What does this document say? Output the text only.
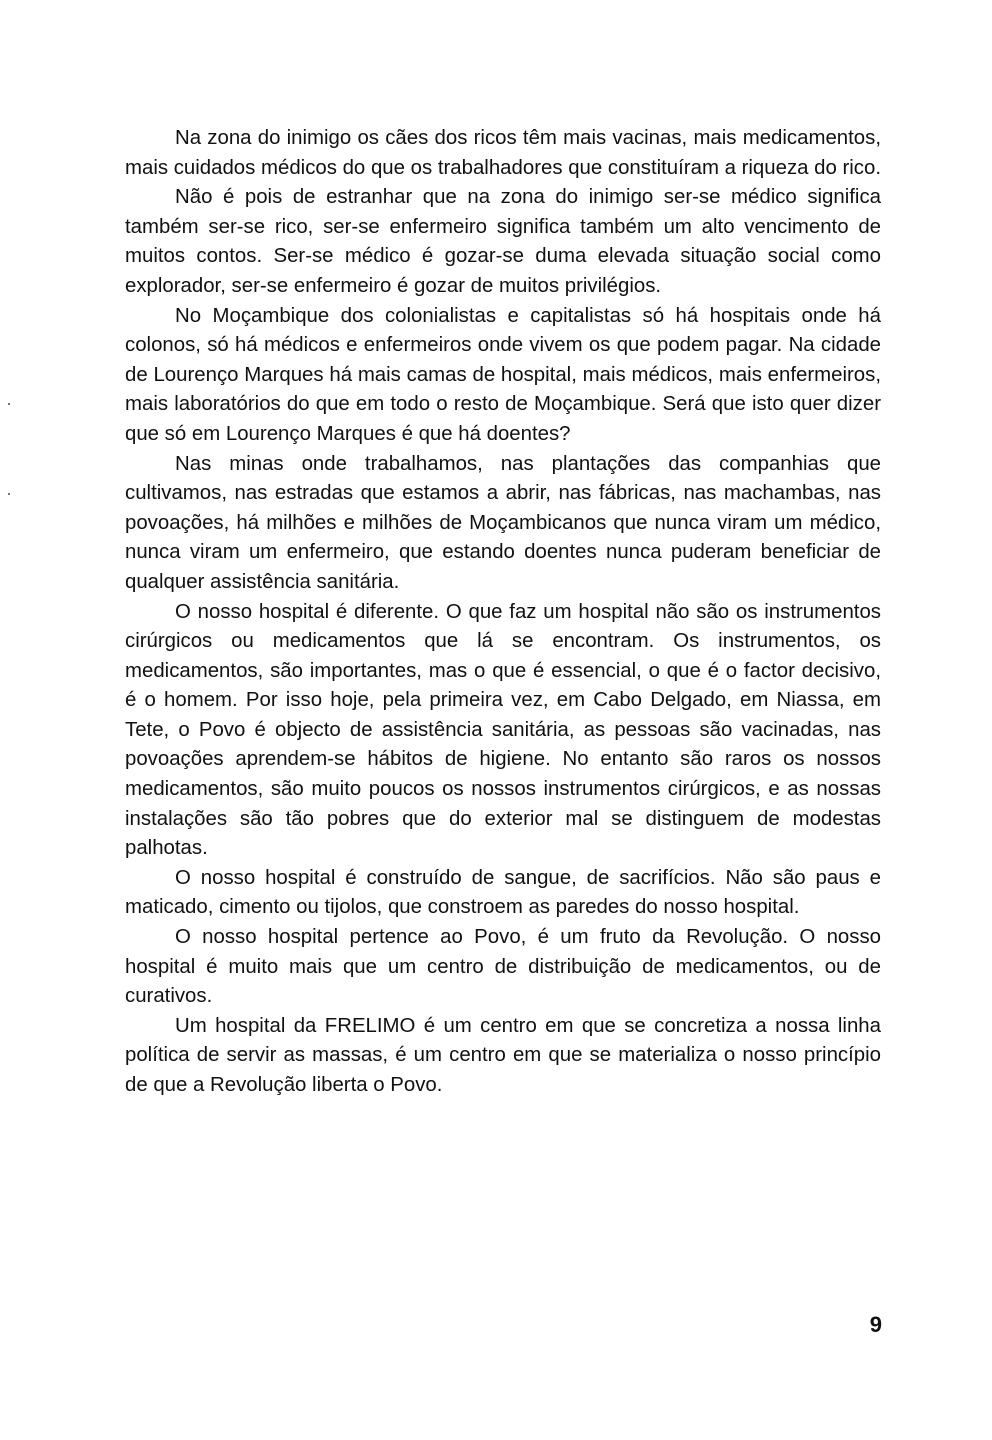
Na zona do inimigo os cães dos ricos têm mais vacinas, mais medicamentos, mais cuidados médicos do que os trabalhadores que constituíram a riqueza do rico.

Não é pois de estranhar que na zona do inimigo ser-se médico significa também ser-se rico, ser-se enfermeiro significa também um alto vencimento de muitos contos. Ser-se médico é gozar-se duma elevada situação social como explorador, ser-se enfermeiro é gozar de muitos privilégios.

No Moçambique dos colonialistas e capitalistas só há hospitais onde há colonos, só há médicos e enfermeiros onde vivem os que podem pagar. Na cidade de Lourenço Marques há mais camas de hospital, mais médicos, mais enfermeiros, mais laboratórios do que em todo o resto de Moçambique. Será que isto quer dizer que só em Lourenço Marques é que há doentes?

Nas minas onde trabalhamos, nas plantações das companhias que cultivamos, nas estradas que estamos a abrir, nas fábricas, nas machambas, nas povoações, há milhões e milhões de Moçambicanos que nunca viram um médico, nunca viram um enfermeiro, que estando doentes nunca puderam beneficiar de qualquer assistência sanitária.

O nosso hospital é diferente. O que faz um hospital não são os instrumentos cirúrgicos ou medicamentos que lá se encontram. Os instrumentos, os medicamentos, são importantes, mas o que é essencial, o que é o factor decisivo, é o homem. Por isso hoje, pela primeira vez, em Cabo Delgado, em Niassa, em Tete, o Povo é objecto de assistência sanitária, as pessoas são vacinadas, nas povoações aprendem-se hábitos de higiene. No entanto são raros os nossos medicamentos, são muito poucos os nossos instrumentos cirúrgicos, e as nossas instalações são tão pobres que do exterior mal se distinguem de modestas palhotas.

O nosso hospital é construído de sangue, de sacrifícios. Não são paus e maticado, cimento ou tijolos, que constroem as paredes do nosso hospital.

O nosso hospital pertence ao Povo, é um fruto da Revolução. O nosso hospital é muito mais que um centro de distribuição de medicamentos, ou de curativos.

Um hospital da FRELIMO é um centro em que se concretiza a nossa linha política de servir as massas, é um centro em que se materializa o nosso princípio de que a Revolução liberta o Povo.

9
